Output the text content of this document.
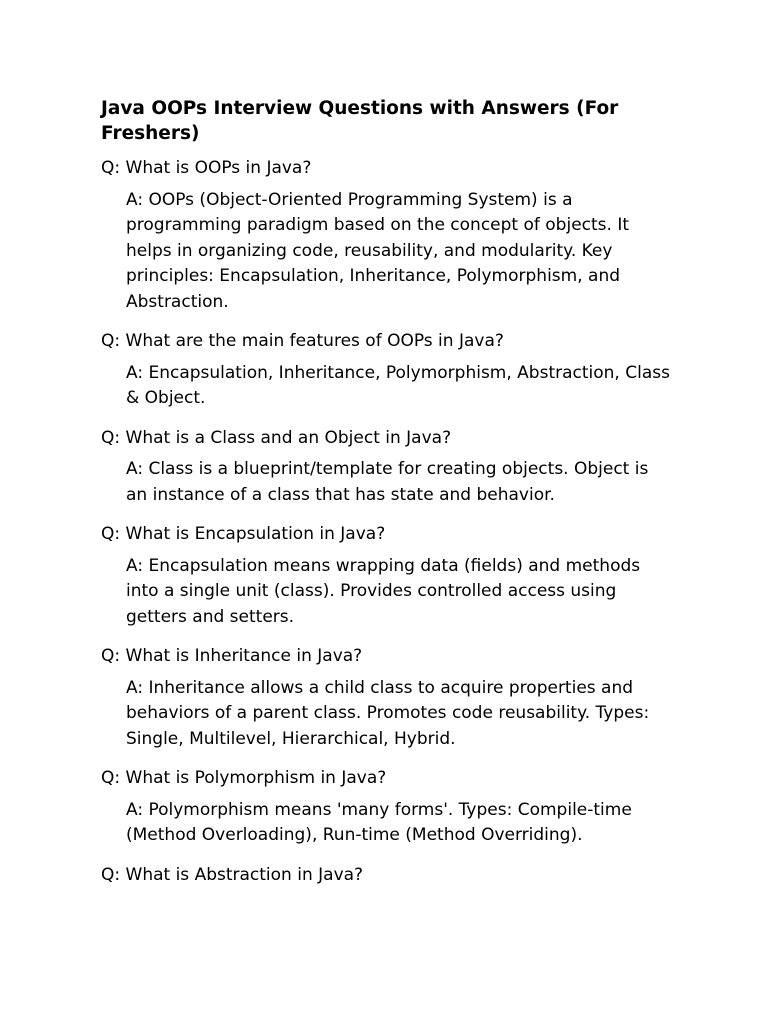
Java OOPs Interview Questions with Answers (For Freshers)
Q: What is OOPs in Java?
A: OOPs (Object-Oriented Programming System) is a programming paradigm based on the concept of objects. It helps in organizing code, reusability, and modularity. Key principles: Encapsulation, Inheritance, Polymorphism, and Abstraction.
Q: What are the main features of OOPs in Java?
A: Encapsulation, Inheritance, Polymorphism, Abstraction, Class & Object.
Q: What is a Class and an Object in Java?
A: Class is a blueprint/template for creating objects. Object is an instance of a class that has state and behavior.
Q: What is Encapsulation in Java?
A: Encapsulation means wrapping data (fields) and methods into a single unit (class). Provides controlled access using getters and setters.
Q: What is Inheritance in Java?
A: Inheritance allows a child class to acquire properties and behaviors of a parent class. Promotes code reusability. Types: Single, Multilevel, Hierarchical, Hybrid.
Q: What is Polymorphism in Java?
A: Polymorphism means 'many forms'. Types: Compile-time (Method Overloading), Run-time (Method Overriding).
Q: What is Abstraction in Java?
